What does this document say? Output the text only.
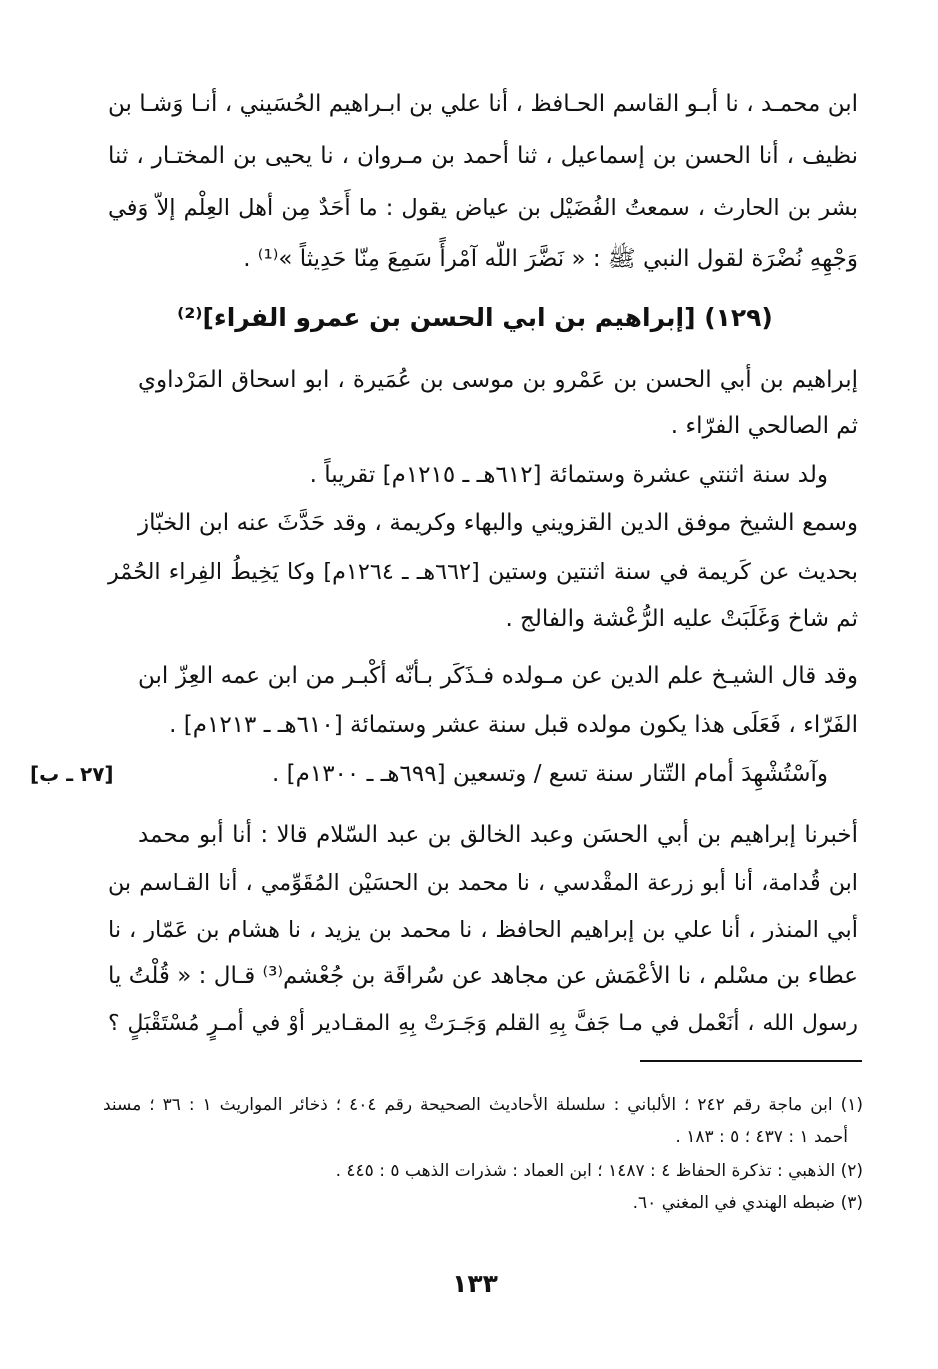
ابن محمـد ، نا أبـو القاسم الحـافظ ، أنا علي بن ابـراهيم الحُسَيني ، أنـا وَشـا بن
نظيف ، أنا الحسن بن إسماعيل ، ثنا أحمد بن مـروان ، نا يحيى بن المختـار ، ثنا
بشر بن الحارث ، سمعتُ الفُضَيْل بن عياض يقول : ما أَحَدٌ مِن أهل العِلْم إلاّ وَفي
وَجْهِهِ نُضْرَة لقول النبي ﷺ : « نَضَّرَ اللّه آمْرأً سَمِعَ مِنّا حَدِيثاً »⁽¹⁾ .
(١٢٩) [إبراهيم بن ابي الحسن بن عمرو الفراء]⁽²⁾
إبراهيم بن أبي الحسن بن عَمْرو بن موسى بن عُمَيرة ، ابو اسحاق المَرْداوي
ثم الصالحي الفرّاء .
ولد سنة اثنتي عشرة وستمائة [٦١٢هـ ـ ١٢١٥م] تقريباً .
وسمع الشيخ موفق الدين القزويني والبهاء وكريمة ، وقد حَدَّثَ عنه ابن الخبّاز
بحديث عن كَريمة في سنة اثنتين وستين [٦٦٢هـ ـ ١٢٦٤م] وكا يَخِيطُ الفِراء الحُمْر
ثم شاخ وَغَلَبَتْ عليه الرُّعْشة والفالج .
وقد قال الشيـخ علم الدين عن مـولده فـذَكَر بـأنّه أكْبـر من ابن عمه العِزّ ابن
الفَرّاء ، فَعَلَى هذا يكون مولده قبل سنة عشر وستمائة [٦١٠هـ ـ ١٢١٣م] .
وآسْتُشْهِدَ أمام التّتار سنة تسع / وتسعين [٦٩٩هـ ـ ١٣٠٠م] .
[٢٧ ـ ب]
أخبرنا إبراهيم بن أبي الحسَن وعبد الخالق بن عبد السّلام قالا : أنا أبو محمد
ابن قُدامة، أنا أبو زرعة المقْدسي ، نا محمد بن الحسَيْن المُقَوِّمي ، أنا القـاسم بن
أبي المنذر ، أنا علي بن إبراهيم الحافظ ، نا محمد بن يزيد ، نا هشام بن عَمّار ، نا
عطاء بن مسْلم ، نا الأعْمَش عن مجاهد عن سُراقَة بن جُعْشم⁽³⁾ قـال : « قُلْتُ يا
رسول الله ، أنَعْمل في مـا جَفَّ بِهِ القلم وَجَـرَتْ بِهِ المقـادير أوْ في أمـرٍ مُسْتَقْبَلٍ ؟
(١) ابن ماجة رقم ٢٤٢ ؛ الألباني : سلسلة الأحاديث الصحيحة رقم ٤٠٤ ؛ ذخائر المواريث ١ : ٣٦ ؛ مسند
أحمد ١ : ٤٣٧ ؛ ٥ : ١٨٣ .
(٢) الذهبي : تذكرة الحفاظ ٤ : ١٤٨٧ ؛ ابن العماد : شذرات الذهب ٥ : ٤٤٥ .
(٣) ضبطه الهندي في المغني ٦٠.
١٣٣
